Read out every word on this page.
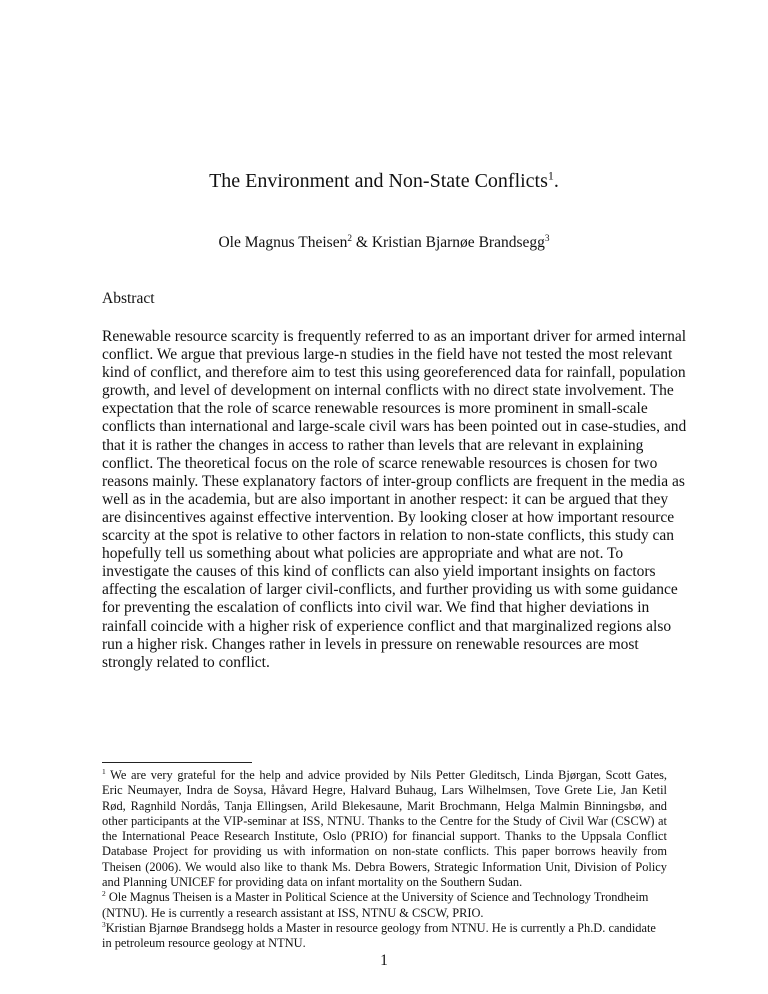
The Environment and Non-State Conflicts$^1$.
Ole Magnus Theisen$^2$ & Kristian Bjarnøe Brandsegg$^3$
Abstract
Renewable resource scarcity is frequently referred to as an important driver for armed internal
conflict. We argue that previous large-n studies in the field have not tested the most relevant
kind of conflict, and therefore aim to test this using georeferenced data for rainfall, population
growth, and level of development on internal conflicts with no direct state involvement. The
expectation that the role of scarce renewable resources is more prominent in small-scale
conflicts than international and large-scale civil wars has been pointed out in case-studies, and
that it is rather the changes in access to rather than levels that are relevant in explaining
conflict. The theoretical focus on the role of scarce renewable resources is chosen for two
reasons mainly. These explanatory factors of inter-group conflicts are frequent in the media as
well as in the academia, but are also important in another respect: it can be argued that they
are disincentives against effective intervention. By looking closer at how important resource
scarcity at the spot is relative to other factors in relation to non-state conflicts, this study can
hopefully tell us something about what policies are appropriate and what are not. To
investigate the causes of this kind of conflicts can also yield important insights on factors
affecting the escalation of larger civil-conflicts, and further providing us with some guidance
for preventing the escalation of conflicts into civil war. We find that higher deviations in
rainfall coincide with a higher risk of experience conflict and that marginalized regions also
run a higher risk. Changes rather in levels in pressure on renewable resources are most
strongly related to conflict.
$^1$ We are very grateful for the help and advice provided by Nils Petter Gleditsch, Linda Bjørgan, Scott Gates,
Eric Neumayer, Indra de Soysa, Håvard Hegre, Halvard Buhaug, Lars Wilhelmsen, Tove Grete Lie, Jan Ketil
Rød, Ragnhild Nordås, Tanja Ellingsen, Arild Blekesaune, Marit Brochmann, Helga Malmin Binningsbø, and
other participants at the VIP-seminar at ISS, NTNU. Thanks to the Centre for the Study of Civil War (CSCW) at
the International Peace Research Institute, Oslo (PRIO) for financial support. Thanks to the Uppsala Conflict
Database Project for providing us with information on non-state conflicts. This paper borrows heavily from
Theisen (2006). We would also like to thank Ms. Debra Bowers, Strategic Information Unit, Division of Policy
and Planning UNICEF for providing data on infant mortality on the Southern Sudan.
$^2$ Ole Magnus Theisen is a Master in Political Science at the University of Science and Technology Trondheim
(NTNU). He is currently a research assistant at ISS, NTNU & CSCW, PRIO.
$^3$Kristian Bjarnøe Brandsegg holds a Master in resource geology from NTNU. He is currently a Ph.D. candidate
in petroleum resource geology at NTNU.
1
